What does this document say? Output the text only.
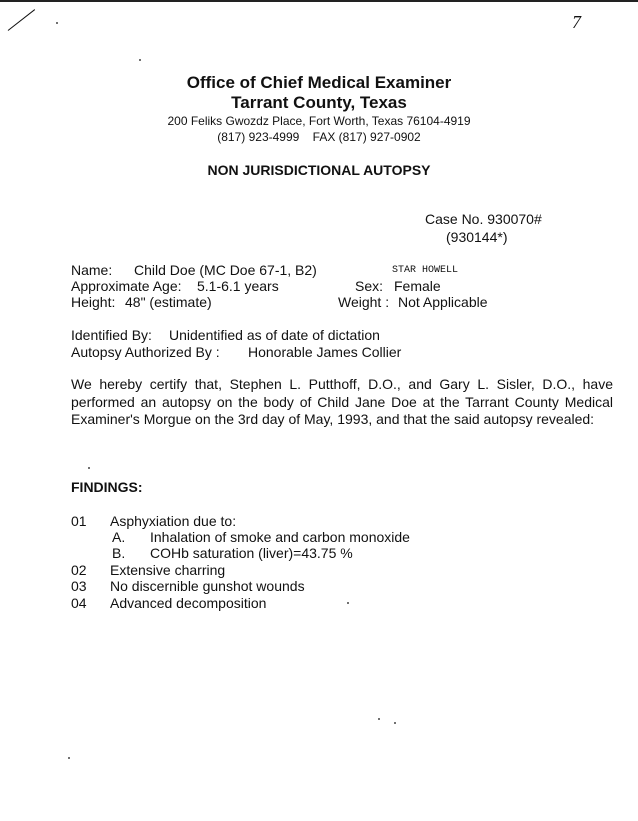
7
Office of Chief Medical Examiner
Tarrant County, Texas
200 Feliks Gwozdz Place, Fort Worth, Texas 76104-4919
(817) 923-4999    FAX (817) 927-0902
NON JURISDICTIONAL AUTOPSY
Case No. 930070#
(930144*)
Name: Child Doe (MC Doe 67-1, B2)	STAR HOWELL
Approximate Age: 5.1-6.1 years	Sex: Female
Height: 48" (estimate)	Weight : Not Applicable
Identified By: Unidentified as of date of dictation
Autopsy Authorized By : Honorable James Collier
We hereby certify that, Stephen L. Putthoff, D.O., and Gary L. Sisler, D.O., have performed an autopsy on the body of Child Jane Doe at the Tarrant County Medical Examiner's Morgue on the 3rd day of May, 1993, and that the said autopsy revealed:
FINDINGS:
01 Asphyxiation due to:
A. Inhalation of smoke and carbon monoxide
B. COHb saturation (liver)=43.75 %
02 Extensive charring
03 No discernible gunshot wounds
04 Advanced decomposition
